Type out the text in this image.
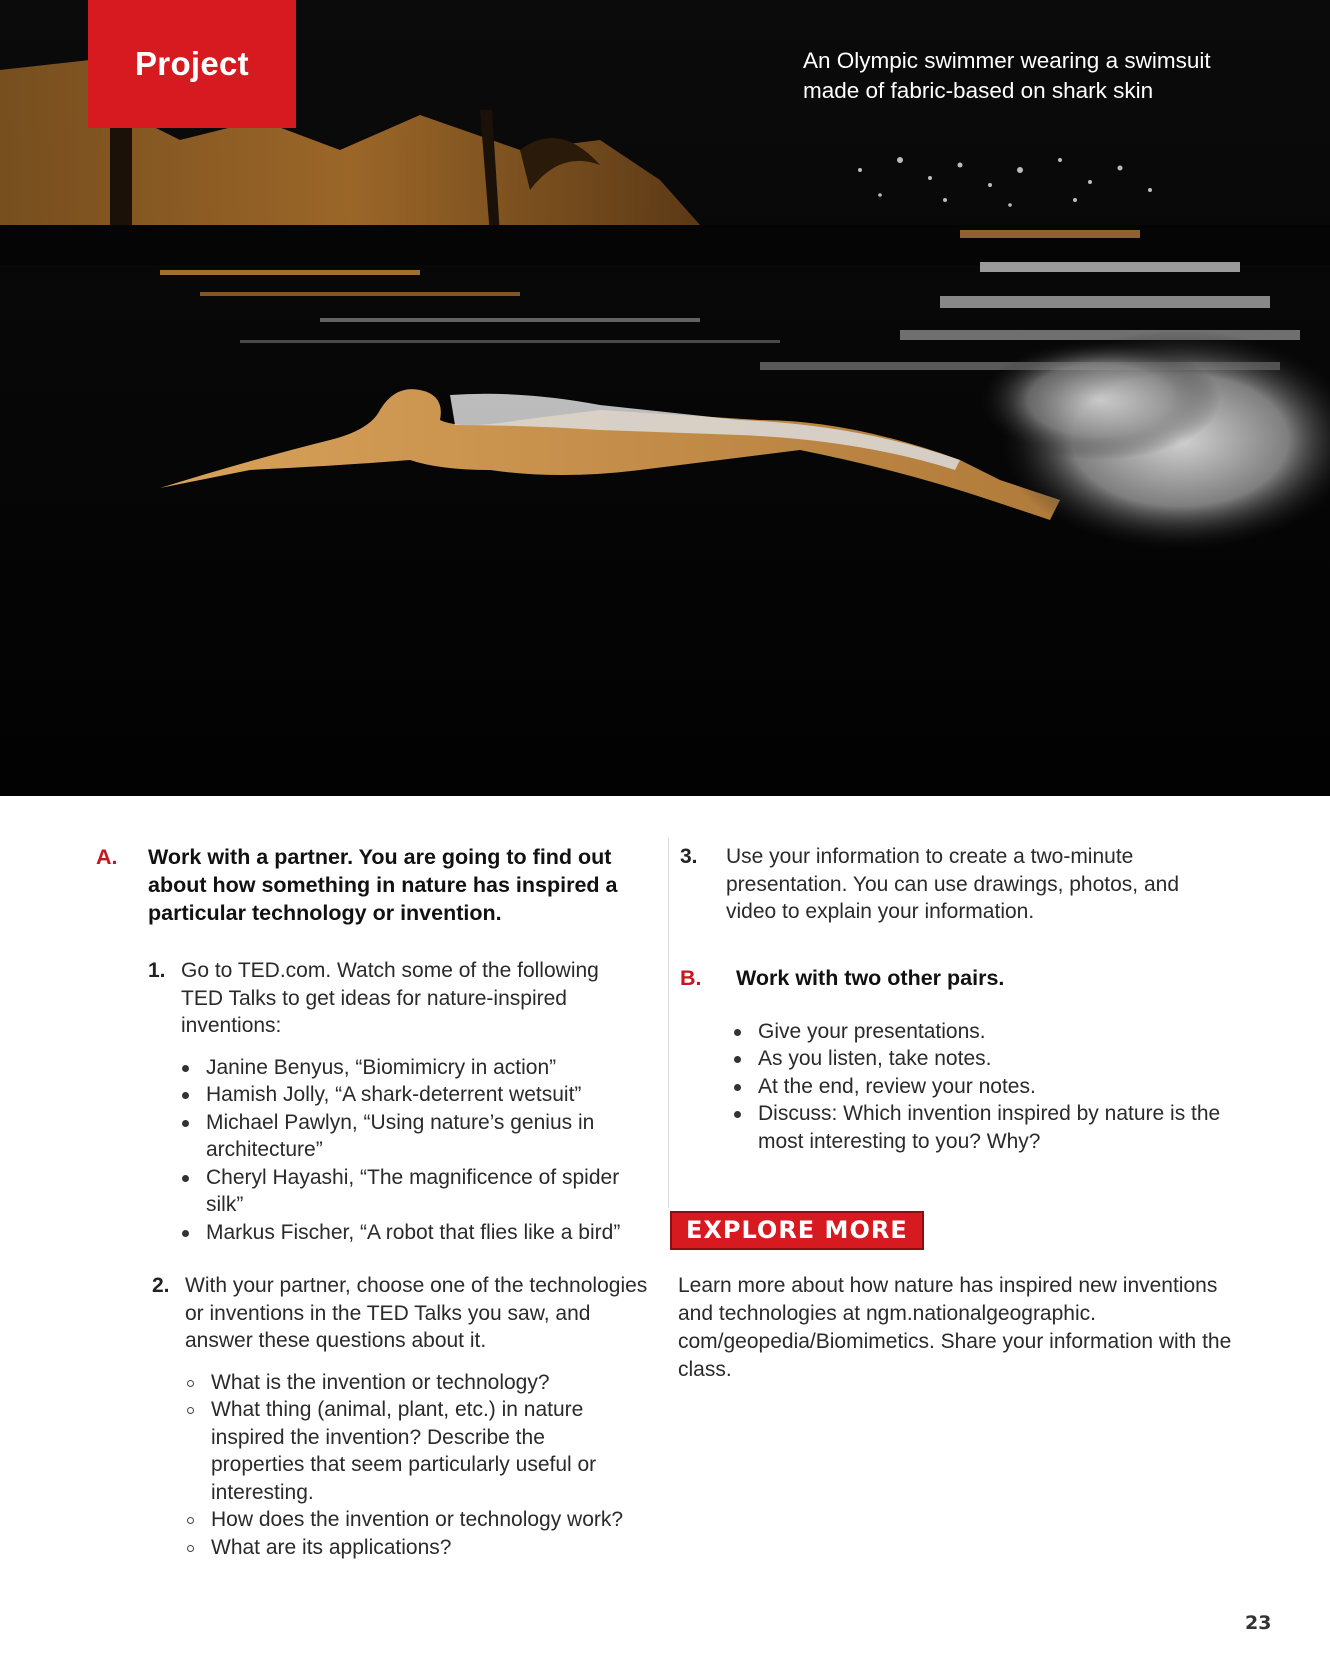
Project	An Olympic swimmer wearing a swimsuit made of fabric-based on shark skin
A.	Work with a partner. You are going to find out about how something in nature has inspired a particular technology or invention.
1. Go to TED.com. Watch some of the following TED Talks to get ideas for nature-inspired inventions:
Janine Benyus, “Biomimicry in action”
Hamish Jolly, “A shark-deterrent wetsuit”
Michael Pawlyn, “Using nature’s genius in architecture”
Cheryl Hayashi, “The magnificence of spider silk”
Markus Fischer, “A robot that flies like a bird”
2. With your partner, choose one of the technologies or inventions in the TED Talks you saw, and answer these questions about it.
What is the invention or technology?
What thing (animal, plant, etc.) in nature inspired the invention? Describe the properties that seem particularly useful or interesting.
How does the invention or technology work?
What are its applications?
3.	Use your information to create a two-minute presentation. You can use drawings, photos, and video to explain your information.
B.	Work with two other pairs.
Give your presentations.
As you listen, take notes.
At the end, review your notes.
Discuss: Which invention inspired by nature is the most interesting to you? Why?
EXPLORE MORE
Learn more about how nature has inspired new inventions and technologies at ngm.nationalgeographic. com/geopedia/Biomimetics. Share your information with the class.
23
